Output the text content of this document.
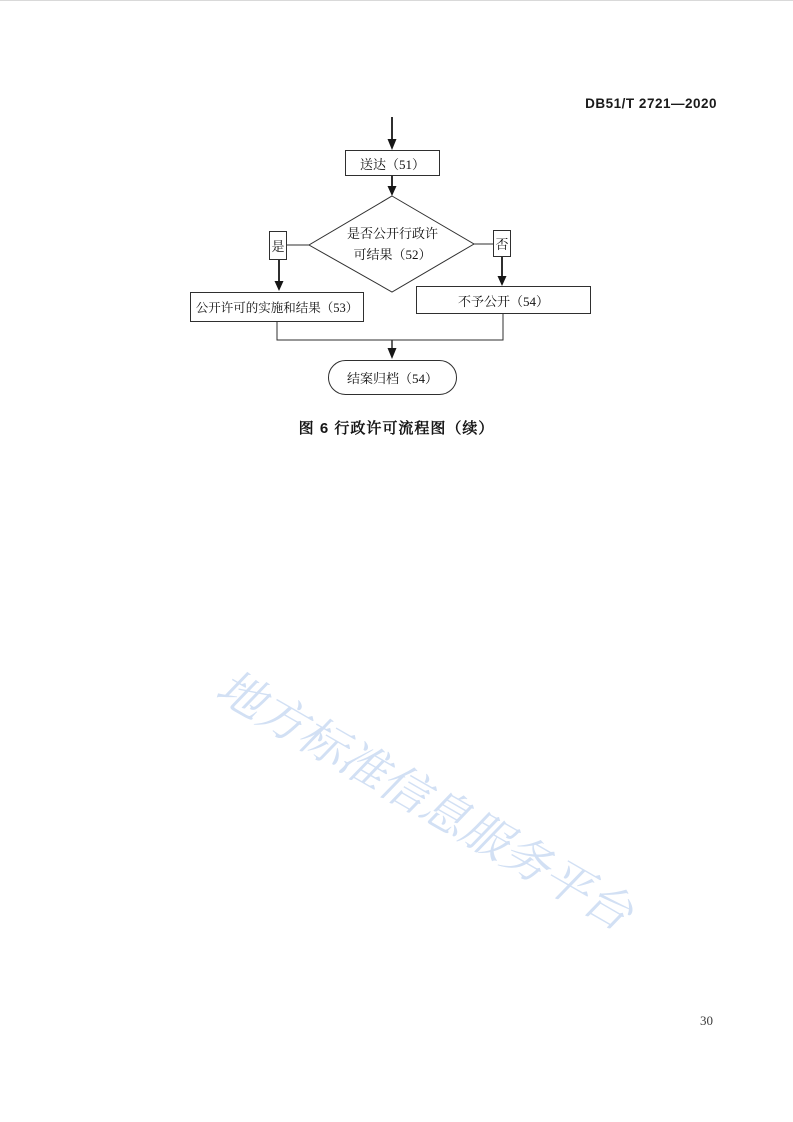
地方标准信息服务平台
DB51/T 2721—2020
送达（51）
是否公开行政许
可结果（52）
是	否
公开许可的实施和结果（53）	不予公开（54）
结案归档（54）
图 6 行政许可流程图（续）
30
